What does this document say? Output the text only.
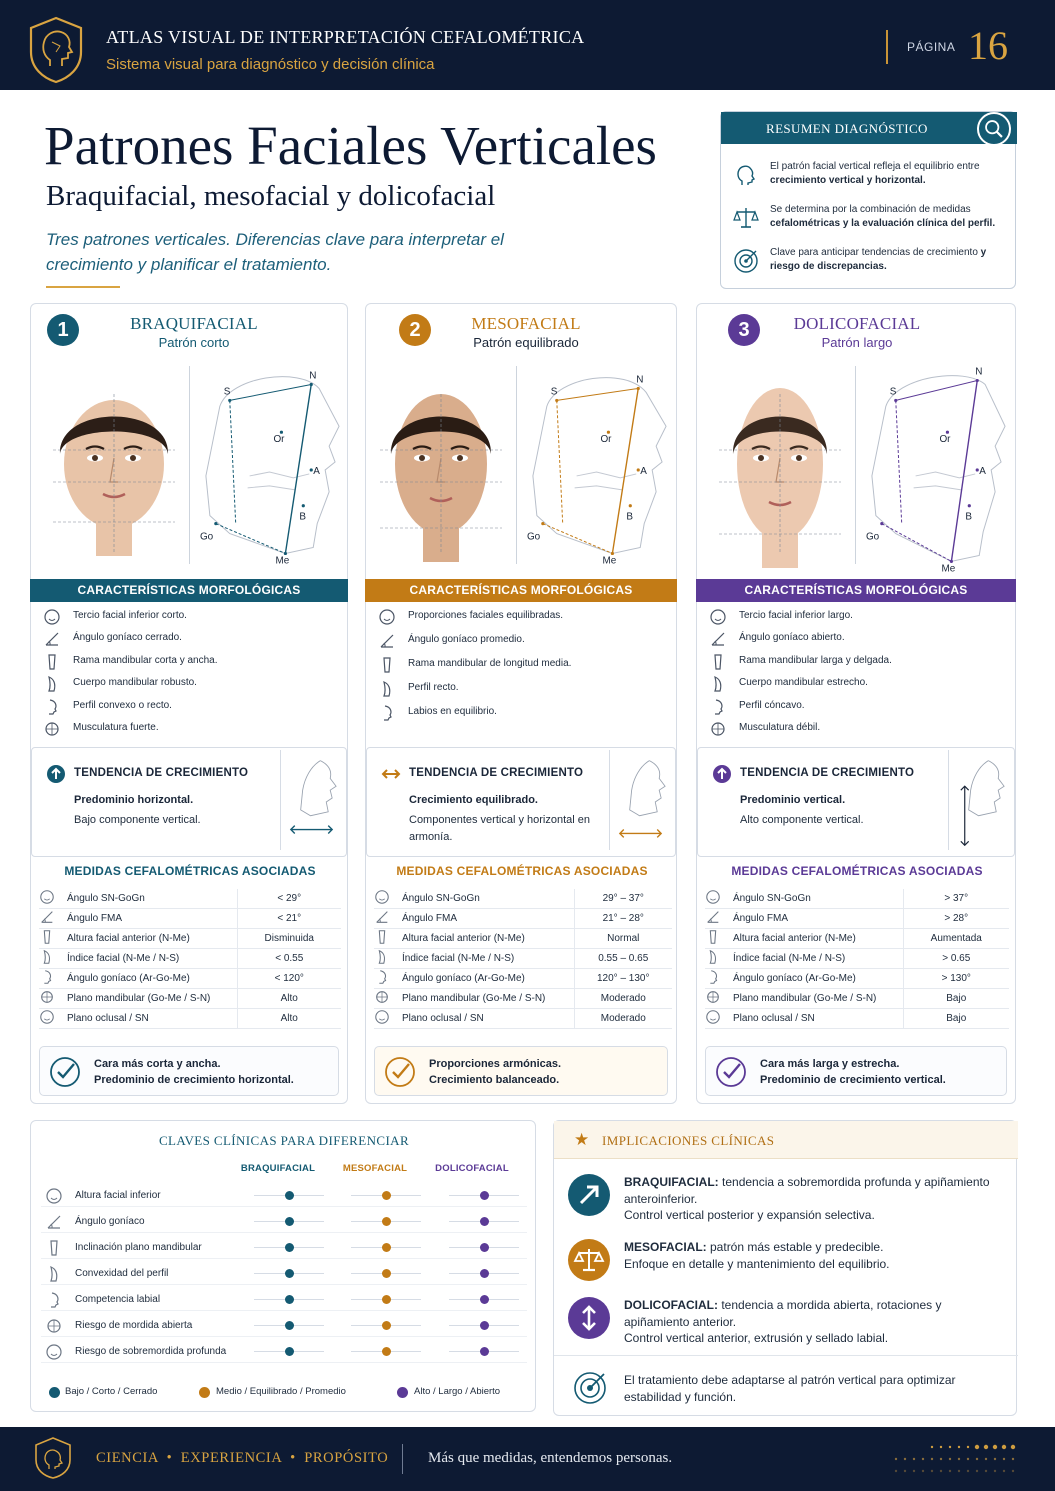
ATLAS VISUAL DE INTERPRETACIÓN CEFALOMÉTRICA
Sistema visual para diagnóstico y decisión clínica
PÁGINA 16
Patrones Faciales Verticales
Braquifacial, mesofacial y dolicofacial
Tres patrones verticales. Diferencias clave para interpretar el crecimiento y planificar el tratamiento.
RESUMEN DIAGNÓSTICO
El patrón facial vertical refleja el equilibrio entre crecimiento vertical y horizontal.
Se determina por la combinación de medidas cefalométricas y la evaluación clínica del perfil.
Clave para anticipar tendencias de crecimiento y riesgo de discrepancias.
1	BRAQUIFACIAL
Patrón corto
S
N
Or
A
B
Go
Me
CARACTERÍSTICAS MORFOLÓGICAS
Tercio facial inferior corto.
Ángulo goníaco cerrado.
Rama mandibular corta y ancha.
Cuerpo mandibular robusto.
Perfil convexo o recto.
Musculatura fuerte.
TENDENCIA DE CRECIMIENTO
Predominio horizontal.
Bajo componente vertical.
MEDIDAS CEFALOMÉTRICAS ASOCIADAS
	Ángulo SN-GoGn	< 29°
	Ángulo FMA	< 21°
	Altura facial anterior (N-Me)	Disminuida
	Índice facial (N-Me / N-S)	< 0.55
	Ángulo goníaco (Ar-Go-Me)	< 120°
	Plano mandibular (Go-Me / S-N)	Alto
	Plano oclusal / SN	Alto
Cara más corta y ancha.
Predominio de crecimiento horizontal.
2	MESOFACIAL
Patrón equilibrado
S
N
Or
A
B
Go
Me
CARACTERÍSTICAS MORFOLÓGICAS
Proporciones faciales equilibradas.
Ángulo goníaco promedio.
Rama mandibular de longitud media.
Perfil recto.
Labios en equilibrio.
TENDENCIA DE CRECIMIENTO
Crecimiento equilibrado.
Componentes vertical y horizontal en armonía.
MEDIDAS CEFALOMÉTRICAS ASOCIADAS
	Ángulo SN-GoGn	29° – 37°
	Ángulo FMA	21° – 28°
	Altura facial anterior (N-Me)	Normal
	Índice facial (N-Me / N-S)	0.55 – 0.65
	Ángulo goníaco (Ar-Go-Me)	120° – 130°
	Plano mandibular (Go-Me / S-N)	Moderado
	Plano oclusal / SN	Moderado
Proporciones armónicas.
Crecimiento balanceado.
3	DOLICOFACIAL
Patrón largo
S
N
Or
A
B
Go
Me
CARACTERÍSTICAS MORFOLÓGICAS
Tercio facial inferior largo.
Ángulo goníaco abierto.
Rama mandibular larga y delgada.
Cuerpo mandibular estrecho.
Perfil cóncavo.
Musculatura débil.
TENDENCIA DE CRECIMIENTO
Predominio vertical.
Alto componente vertical.
MEDIDAS CEFALOMÉTRICAS ASOCIADAS
	Ángulo SN-GoGn	> 37°
	Ángulo FMA	> 28°
	Altura facial anterior (N-Me)	Aumentada
	Índice facial (N-Me / N-S)	> 0.65
	Ángulo goníaco (Ar-Go-Me)	> 130°
	Plano mandibular (Go-Me / S-N)	Bajo
	Plano oclusal / SN	Bajo
Cara más larga y estrecha.
Predominio de crecimiento vertical.
CLAVES CLÍNICAS PARA DIFERENCIAR
BRAQUIFACIAL	MESOFACIAL	DOLICOFACIAL
Altura facial inferior
Ángulo goníaco
Inclinación plano mandibular
Convexidad del perfil
Competencia labial
Riesgo de mordida abierta
Riesgo de sobremordida profunda
Bajo / Corto / Cerrado	Medio / Equilibrado / Promedio	Alto / Largo / Abierto
★ IMPLICACIONES CLÍNICAS
BRAQUIFACIAL: tendencia a sobremordida profunda y apiñamiento anteroinferior.
Control vertical posterior y expansión selectiva.
MESOFACIAL: patrón más estable y predecible.
Enfoque en detalle y mantenimiento del equilibrio.
DOLICOFACIAL: tendencia a mordida abierta, rotaciones y apiñamiento anterior.
Control vertical anterior, extrusión y sellado labial.
El tratamiento debe adaptarse al patrón vertical para optimizar estabilidad y función.
CIENCIA  •  EXPERIENCIA  •  PROPÓSITO	Más que medidas, entendemos personas.
